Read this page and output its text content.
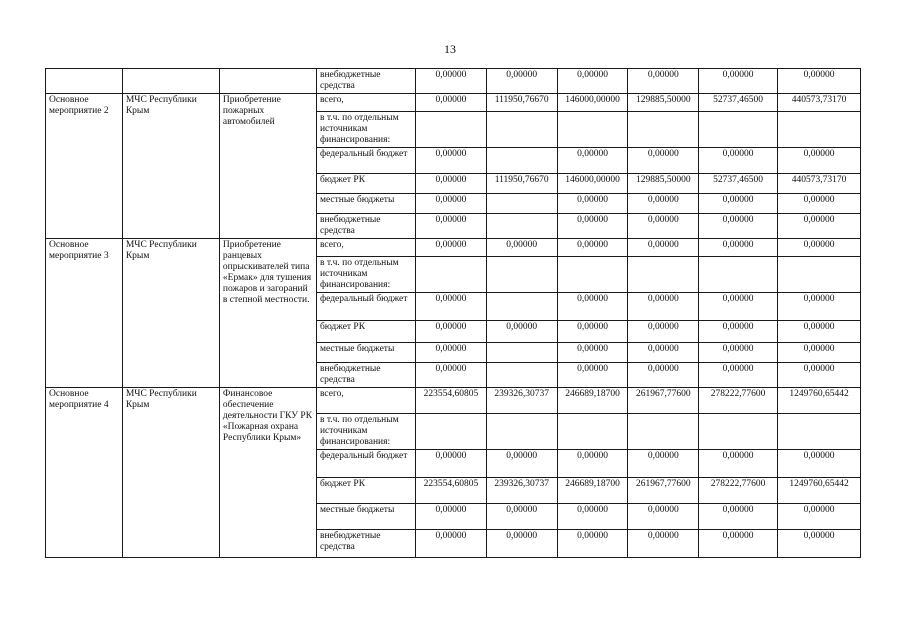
13
			внебюджетные средства	0,00000	0,00000	0,00000	0,00000	0,00000	0,00000
Основное мероприятие 2	МЧС Республики Крым	Приобретение пожарных автомобилей	всего,	0,00000	111950,76670	146000,00000	129885,50000	52737,46500	440573,73170
			в т.ч. по отдельным источникам финансирования:						
			федеральный бюджет	0,00000		0,00000	0,00000	0,00000	0,00000
			бюджет РК	0,00000	111950,76670	146000,00000	129885,50000	52737,46500	440573,73170
			местные бюджеты	0,00000		0,00000	0,00000	0,00000	0,00000
			внебюджетные средства	0,00000		0,00000	0,00000	0,00000	0,00000
Основное мероприятие 3	МЧС Республики Крым	Приобретение ранцевых опрыскивателей типа «Ермак» для тушения пожаров и загораний в степной местности.	всего,	0,00000	0,00000	0,00000	0,00000	0,00000	0,00000
			в т.ч. по отдельным источникам финансирования:						
			федеральный бюджет	0,00000		0,00000	0,00000	0,00000	0,00000
			бюджет РК	0,00000	0,00000	0,00000	0,00000	0,00000	0,00000
			местные бюджеты	0,00000		0,00000	0,00000	0,00000	0,00000
			внебюджетные средства	0,00000		0,00000	0,00000	0,00000	0,00000
Основное мероприятие 4	МЧС Республики Крым	Финансовое обеспечение деятельности ГКУ РК «Пожарная охрана Республики Крым»	всего,	223554,60805	239326,30737	246689,18700	261967,77600	278222,77600	1249760,65442
			в т.ч. по отдельным источникам финансирования:						
			федеральный бюджет	0,00000	0,00000	0,00000	0,00000	0,00000	0,00000
			бюджет РК	223554,60805	239326,30737	246689,18700	261967,77600	278222,77600	1249760,65442
			местные бюджеты	0,00000	0,00000	0,00000	0,00000	0,00000	0,00000
			внебюджетные средства	0,00000	0,00000	0,00000	0,00000	0,00000	0,00000
